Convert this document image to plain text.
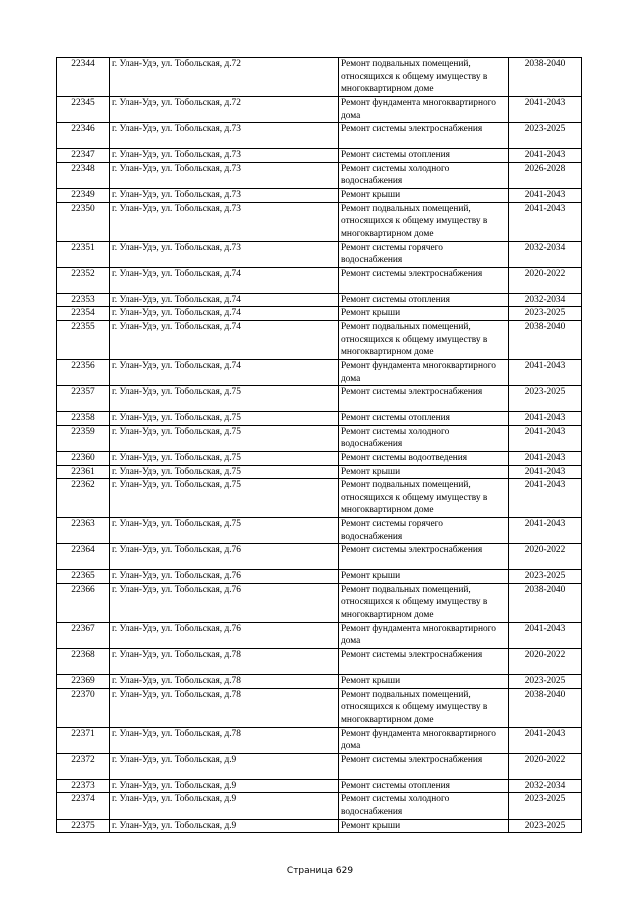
22344	г. Улан-Удэ, ул. Тобольская, д.72	Ремонт подвальных помещений, относящихся к общему имуществу в многоквартирном доме	2038-2040
22345	г. Улан-Удэ, ул. Тобольская, д.72	Ремонт фундамента многоквартирного дома	2041-2043
22346	г. Улан-Удэ, ул. Тобольская, д.73	Ремонт системы электроснабжения	2023-2025
22347	г. Улан-Удэ, ул. Тобольская, д.73	Ремонт системы отопления	2041-2043
22348	г. Улан-Удэ, ул. Тобольская, д.73	Ремонт системы холодного водоснабжения	2026-2028
22349	г. Улан-Удэ, ул. Тобольская, д.73	Ремонт крыши	2041-2043
22350	г. Улан-Удэ, ул. Тобольская, д.73	Ремонт подвальных помещений, относящихся к общему имуществу в многоквартирном доме	2041-2043
22351	г. Улан-Удэ, ул. Тобольская, д.73	Ремонт системы горячего водоснабжения	2032-2034
22352	г. Улан-Удэ, ул. Тобольская, д.74	Ремонт системы электроснабжения	2020-2022
22353	г. Улан-Удэ, ул. Тобольская, д.74	Ремонт системы отопления	2032-2034
22354	г. Улан-Удэ, ул. Тобольская, д.74	Ремонт крыши	2023-2025
22355	г. Улан-Удэ, ул. Тобольская, д.74	Ремонт подвальных помещений, относящихся к общему имуществу в многоквартирном доме	2038-2040
22356	г. Улан-Удэ, ул. Тобольская, д.74	Ремонт фундамента многоквартирного дома	2041-2043
22357	г. Улан-Удэ, ул. Тобольская, д.75	Ремонт системы электроснабжения	2023-2025
22358	г. Улан-Удэ, ул. Тобольская, д.75	Ремонт системы отопления	2041-2043
22359	г. Улан-Удэ, ул. Тобольская, д.75	Ремонт системы холодного водоснабжения	2041-2043
22360	г. Улан-Удэ, ул. Тобольская, д.75	Ремонт системы водоотведения	2041-2043
22361	г. Улан-Удэ, ул. Тобольская, д.75	Ремонт крыши	2041-2043
22362	г. Улан-Удэ, ул. Тобольская, д.75	Ремонт подвальных помещений, относящихся к общему имуществу в многоквартирном доме	2041-2043
22363	г. Улан-Удэ, ул. Тобольская, д.75	Ремонт системы горячего водоснабжения	2041-2043
22364	г. Улан-Удэ, ул. Тобольская, д.76	Ремонт системы электроснабжения	2020-2022
22365	г. Улан-Удэ, ул. Тобольская, д.76	Ремонт крыши	2023-2025
22366	г. Улан-Удэ, ул. Тобольская, д.76	Ремонт подвальных помещений, относящихся к общему имуществу в многоквартирном доме	2038-2040
22367	г. Улан-Удэ, ул. Тобольская, д.76	Ремонт фундамента многоквартирного дома	2041-2043
22368	г. Улан-Удэ, ул. Тобольская, д.78	Ремонт системы электроснабжения	2020-2022
22369	г. Улан-Удэ, ул. Тобольская, д.78	Ремонт крыши	2023-2025
22370	г. Улан-Удэ, ул. Тобольская, д.78	Ремонт подвальных помещений, относящихся к общему имуществу в многоквартирном доме	2038-2040
22371	г. Улан-Удэ, ул. Тобольская, д.78	Ремонт фундамента многоквартирного дома	2041-2043
22372	г. Улан-Удэ, ул. Тобольская, д.9	Ремонт системы электроснабжения	2020-2022
22373	г. Улан-Удэ, ул. Тобольская, д.9	Ремонт системы отопления	2032-2034
22374	г. Улан-Удэ, ул. Тобольская, д.9	Ремонт системы холодного водоснабжения	2023-2025
22375	г. Улан-Удэ, ул. Тобольская, д.9	Ремонт крыши	2023-2025
Страница 629
